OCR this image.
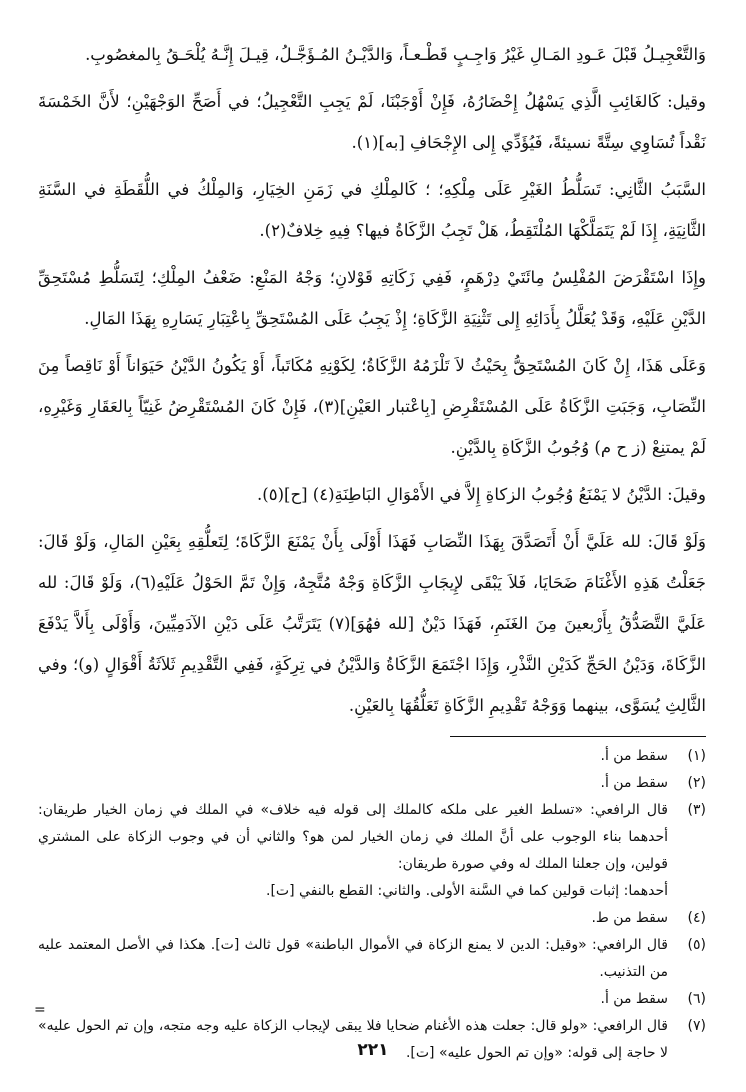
وَالتَّعْجِيـلُ قَبْلَ عَـودِ المَـالِ غَيْرُ وَاجِـبٍ قَطْـعـاً، وَالدَّيْـنُ المُـؤَجَّـلُ، قِيـلَ إِنَّـهُ يُلْحَـقُ بِالمغصُوبِ.

وقيل: كَالغَائِبِ الَّذِي يَسْهُلُ إِحْضَارُهُ، فَإِنْ أَوْجَبْنَا، لَمْ يَجِبِ التَّعْجِيلُ؛ في أَصَحِّ الوَجْهَيْنِ؛ لأَنَّ الخَمْسَةَ نَقْداً تُسَاوِي سِتَّةً نسيئةً، فَيُؤَدِّي إِلى الإِجْحَافِ [به](١).

السَّبَبُ الثَّانِي: تَسَلُّطُ الغَيْرِ عَلَى مِلْكِهِ؛ ؛ كَالمِلْكِ في زَمَنِ الخِيَارِ، وَالمِلْكُ في اللُّقَطَةِ في السَّنَةِ الثَّانِيَةِ، إِذَا لَمْ يَتَمَلَّكْهَا المُلْتَقِطُ، هَلْ تَجِبُ الزَّكَاةُ فيها؟ فِيهِ خِلافٌ(٢).

وإِذَا اسْتَقْرَضَ المُفْلِسُ مِائَتَيْ دِرْهَمٍ، فَفِي زَكَاتِهِ قَوْلانِ؛ وَجْهُ المَنْعِ: ضَعْفُ المِلْكِ؛ لِتَسَلُّطِ مُسْتَحِقِّ الدَّيْنِ عَلَيْهِ، وَقَدْ يُعَلَّلُ بِأَدَائِهِ إِلى تَثْنِيَةِ الزَّكَاةِ؛ إِذْ يَجِبُ عَلَى المُسْتَحِقِّ بِاعْتِبَارِ يَسَارِهِ بِهَذَا المَالِ.

وَعَلَى هَذَا، إِنْ كَانَ المُسْتَحِقُّ بِحَيْثُ لاَ تَلْزَمُهُ الزَّكَاةُ؛ لِكَوْنِهِ مُكَاتَباً، أَوْ يَكُونُ الدَّيْنُ حَيَوَاناً أَوْ نَاقِصاً مِنَ النِّصَابِ، وَجَبَتِ الزَّكَاةُ عَلَى المُسْتَقْرِضِ [بِاعْتبار العَيْنِ](٣)، فَإِنْ كَانَ المُسْتَقْرِضُ غَنِيّاً بِالعَقَارِ وَغَيْرِهِ، لَمْ يمتنِعْ (ز ح م) وُجُوبُ الزَّكَاةِ بِالدَّيْنِ.

وقيلَ: الدَّيْنُ لا يَمْنَعُ وُجُوبُ الزكاةِ إِلاَّ في الأَمْوَالِ البَاطِنَةِ(٤) [ح](٥).

وَلَوْ قَالَ: لله عَلَيَّ أَنْ أَتَصَدَّقَ بِهَذَا النِّصَابِ فَهَذَا أَوْلَى بِأَنْ يَمْنَعَ الزَّكَاةَ؛ لِتَعلُّقِهِ بِعَيْنِ المَالِ، وَلَوْ قَالَ: جَعَلْتُ هَذِهِ الأَغْنَامَ ضَحَايَا، فَلاَ يَبْقَى لإِيجَابِ الزَّكَاةِ وَجْهٌ مُتَّجِهٌ، وَإِنْ تَمَّ الحَوْلُ عَلَيْهِ(٦)، وَلَوْ قَالَ: لله عَلَيَّ التَّصَدُّقُ بِأَرْبعينَ مِنَ الغَنَمِ، فَهَذَا دَيْنٌ [لله فهُوَ](٧) يَتَرَتَّبُ عَلَى دَيْنِ الآدَمِيِّينَ، وَأَوْلَى بِأَلاَّ يَدْفَعَ الزَّكَاةَ، وَدَيْنُ الحَجِّ كَدَيْنِ النَّذْرِ، وَإِذَا اجْتَمَعَ الزَّكَاةُ وَالدَّيْنُ في تِرِكَةٍ، فَفِي التَّقْدِيمِ ثَلاَثَةُ أَقْوَالٍ (و)؛ وفي الثَّالِثِ يُسَوَّى، بينهما وَوَجْهُ تَقْدِيمِ الزَّكَاةِ تَعَلُّقُهَا بِالعَيْنِ.

(١)
سقط من أ.
(٢)
سقط من أ.
(٣)
قال الرافعي: «تسلط الغير على ملكه كالملك إلى قوله فيه خلاف» في الملك في زمان الخيار طريقان: أحدهما بناء الوجوب على أنَّ الملك في زمان الخيار لمن هو؟ والثاني أن في وجوب الزكاة على المشتري قولين، وإن جعلنا الملك له وفي صورة طريقان:
أحدهما: إثبات قولين كما في السَّنة الأولى. والثاني: القطع بالنفي [ت].
(٤)
سقط من ط.
(٥)
قال الرافعي: «وقيل: الدين لا يمنع الزكاة في الأموال الباطنة» قول ثالث [ت]. هكذا في الأصل المعتمد عليه من التذنيب.
(٦)
سقط من أ.
(٧)
قال الرافعي: «ولو قال: جعلت هذه الأغنام ضحايا فلا يبقى لإيجاب الزكاة عليه وجه متجه، وإن تم الحول عليه» لا حاجة إلى قوله: «وإن تم الحول عليه» [ت].
=
٢٢١
